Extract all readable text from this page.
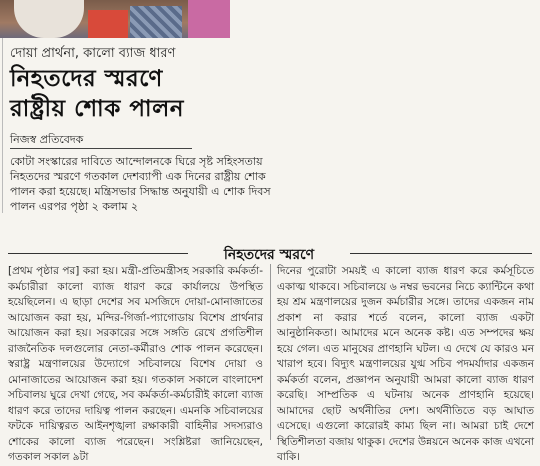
দোয়া প্রার্থনা, কালো ব্যাজ ধারণ
নিহতদের স্মরণে
রাষ্ট্রীয় শোক পালন
নিজস্ব প্রতিবেদক
কোটা সংস্কারের দাবিতে আন্দোলনকে ঘিরে সৃষ্ট সহিংসতায় নিহতদের স্মরণে গতকাল দেশব্যাপী এক দিনের রাষ্ট্রীয় শোক পালন করা হয়েছে। মন্ত্রিসভার সিদ্ধান্ত অনুযায়ী এ শোক দিবস পালন এরপর পৃষ্ঠা ২ কলাম ২
নিহতদের স্মরণে

[প্রথম পৃষ্ঠার পর] করা হয়। মন্ত্রী-প্রতিমন্ত্রীসহ সরকারি কর্মকর্তা-কর্মচারীরা কালো ব্যাজ ধারণ করে কার্যালয়ে উপস্থিত হয়েছিলেন। এ ছাড়া দেশের সব মসজিদে দোয়া-মোনাজাতের আয়োজন করা হয়, মন্দির-গির্জা-প্যাগোডায় বিশেষ প্রার্থনার আয়োজন করা হয়। সরকারের সঙ্গে সঙ্গতি রেখে প্রগতিশীল রাজনৈতিক দলগুলোর নেতা-কর্মীরাও শোক পালন করেছেন। স্বরাষ্ট্র মন্ত্রণালয়ের উদ্যোগে সচিবালয়ে বিশেষ দোয়া ও মোনাজাতের আয়োজন করা হয়। গতকাল সকালে বাংলাদেশ সচিবালয় ঘুরে দেখা গেছে, সব কর্মকর্তা-কর্মচারীই কালো ব্যাজ ধারণ করে তাদের দায়িত্ব পালন করছেন। এমনকি সচিবালয়ের ফটকে দায়িত্বরত আইনশৃঙ্খলা রক্ষাকারী বাহিনীর সদস্যরাও শোকের কালো ব্যাজ পরেছেন। সংশ্লিষ্টরা জানিয়েছেন, গতকাল সকাল ৯টা

দিনের পুরোটা সময়ই এ কালো ব্যাজ ধারণ করে কর্মসূচিতে একাত্ম থাকবে। সচিবালয়ে ৬ নম্বর ভবনের নিচে ক্যান্টিনে কথা হয় শ্রম মন্ত্রণালয়ের দুজন কর্মচারীর সঙ্গে। তাদের একজন নাম প্রকাশ না করার শর্তে বলেন, কালো ব্যাজ একটা আনুষ্ঠানিকতা। আমাদের মনে অনেক কষ্ট। এত সম্পদের ক্ষয় হয়ে গেল। এত মানুষের প্রাণহানি ঘটল। এ দেখে যে কারও মন খারাপ হবে। বিদ্যুৎ মন্ত্রণালয়ের যুগ্ম সচিব পদমর্যাদার একজন কর্মকর্তা বলেন, প্রজ্ঞাপন অনুযায়ী আমরা কালো ব্যাজ ধারণ করেছি। সাম্প্রতিক এ ঘটনায় অনেক প্রাণহানি হয়েছে। আমাদের ছোট অর্থনীতির দেশ। অর্থনীতিতে বড় আঘাত এসেছে। এগুলো কারোরই কাম্য ছিল না। আমরা চাই দেশে স্থিতিশীলতা বজায় থাকুক। দেশের উন্নয়নে অনেক কাজ এখনো বাকি।
